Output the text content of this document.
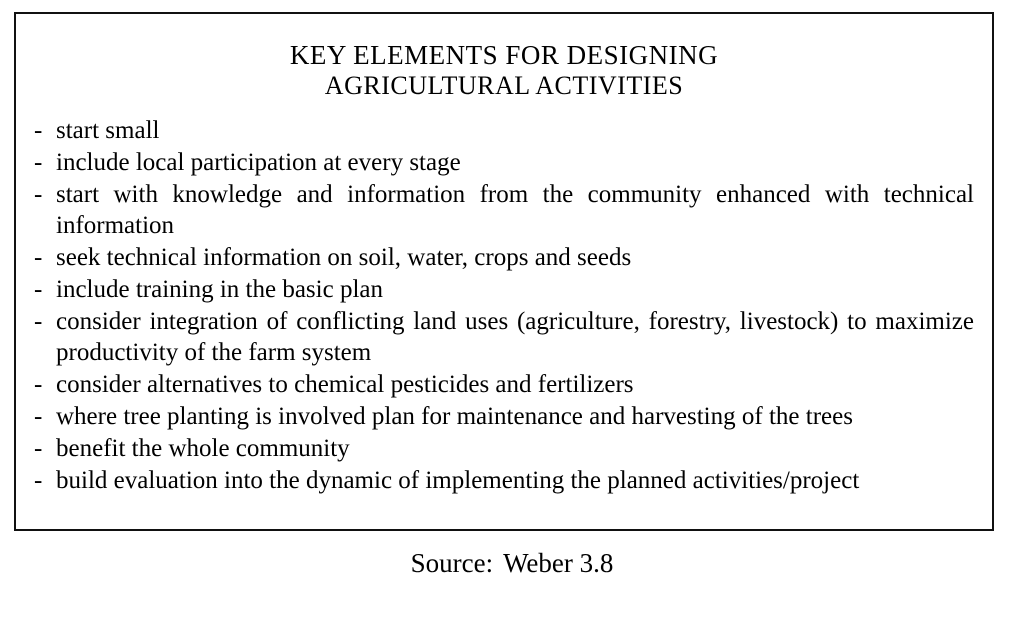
KEY ELEMENTS FOR DESIGNING
AGRICULTURAL ACTIVITIES
- start small
- include local participation at every stage
- start with knowledge and information from the community enhanced with technical information
- seek technical information on soil, water, crops and seeds
- include training in the basic plan
- consider integration of conflicting land uses (agriculture, forestry, livestock) to maximize productivity of the farm system
- consider alternatives to chemical pesticides and fertilizers
- where tree planting is involved plan for maintenance and harvesting of the trees
- benefit the whole community
- build evaluation into the dynamic of implementing the planned activities/project
Source: Weber 3.8
